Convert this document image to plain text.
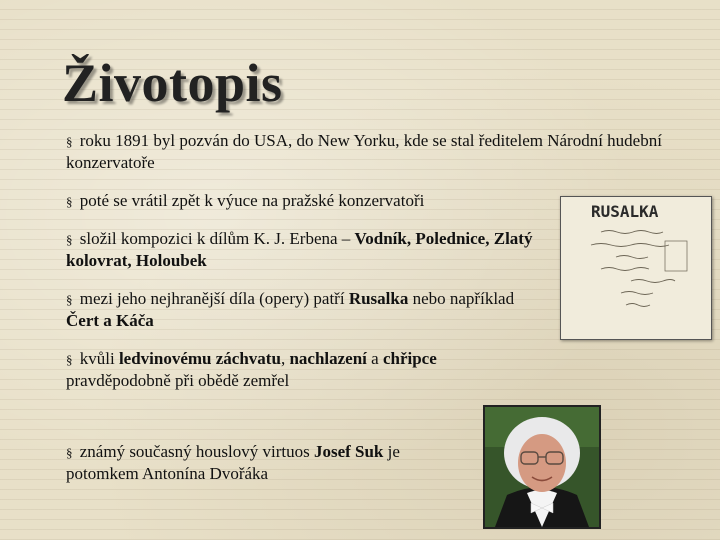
Životopis
§ roku 1891 byl pozván do USA, do New Yorku, kde se stal ředitelem Národní hudební konzervatoře
§ poté se vrátil zpět k výuce na pražské konzervatoři
§ složil kompozici k dílům K. J. Erbena – Vodník, Polednice, Zlatý kolovrat, Holoubek
§ mezi jeho nejhranější díla (opery) patří Rusalka nebo například Čert a Káča
§ kvůli ledvinovému záchvatu, nachlazení a chřipce pravděpodobně při obědě zemřel
§ známý současný houslový virtuos Josef Suk je potomkem Antonína Dvořáka
RUSALKA
